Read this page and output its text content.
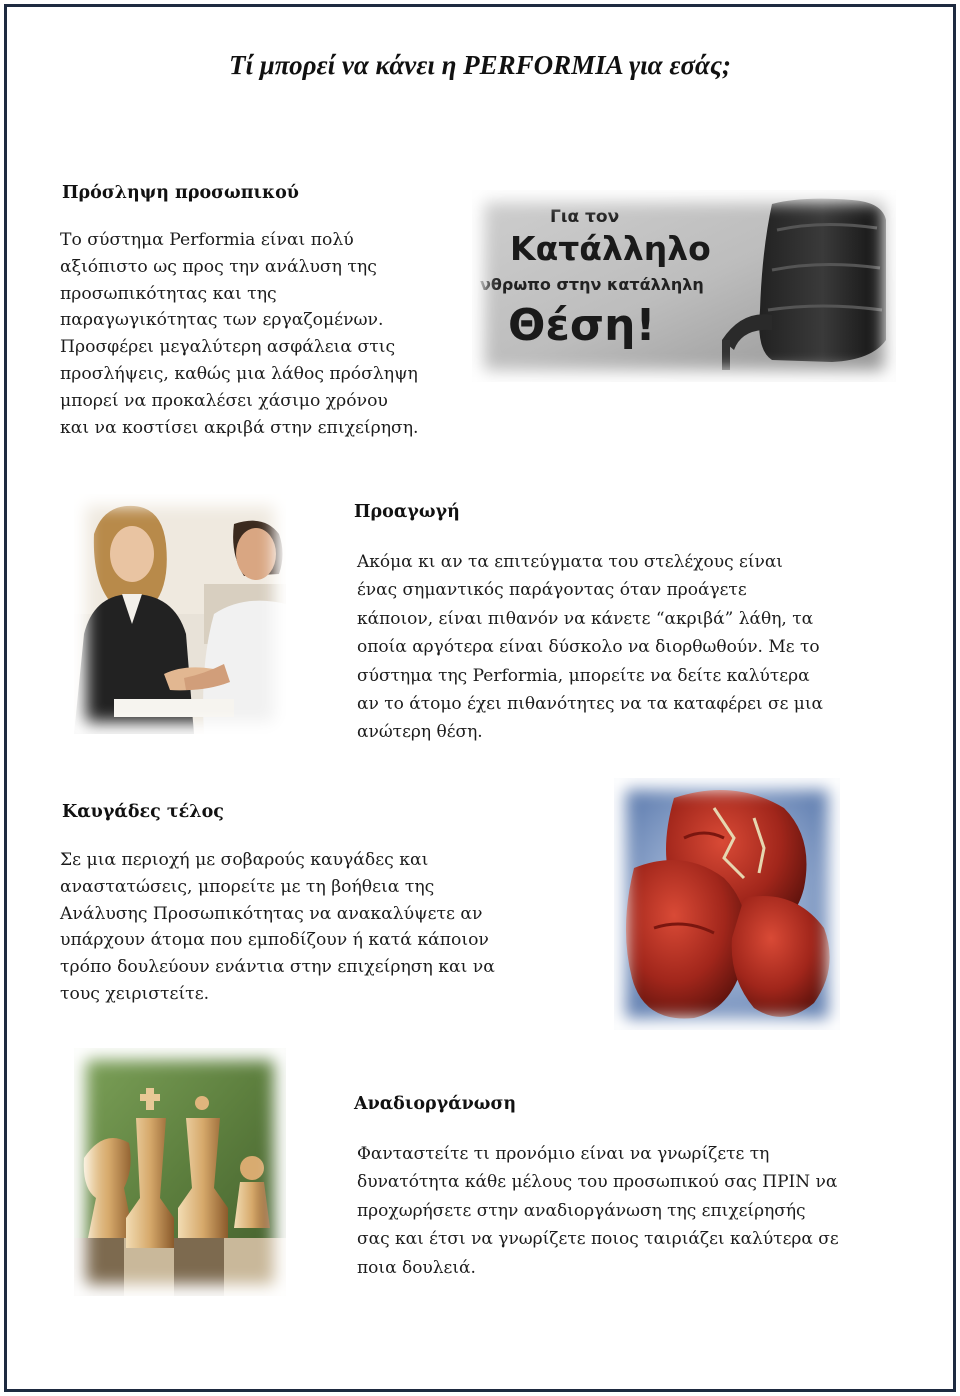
Τί μπορεί να κάνει η PERFORMIA για εσάς;
Πρόσληψη προσωπικού
Το σύστημα Performia είναι πολύ
αξιόπιστο ως προς την ανάλυση της
προσωπικότητας και της
παραγωγικότητας των εργαζομένων.
Προσφέρει μεγαλύτερη ασφάλεια στις
προσλήψεις, καθώς μια λάθος πρόσληψη
μπορεί να προκαλέσει χάσιμο χρόνου
και να κοστίσει ακριβά στην επιχείρηση.
Για τον
Κατάλληλο
νθρωπο στην κατάλληλη
Θέση!
Προαγωγή
Ακόμα κι αν τα επιτεύγματα του στελέχους είναι
ένας σημαντικός παράγοντας όταν προάγετε
κάποιον, είναι πιθανόν να κάνετε “ακριβά” λάθη, τα
οποία αργότερα είναι δύσκολο να διορθωθούν. Με το
σύστημα της Performia, μπορείτε να δείτε καλύτερα
αν το άτομο έχει πιθανότητες να τα καταφέρει σε μια
ανώτερη θέση.
Καυγάδες τέλος
Σε μια περιοχή με σοβαρούς καυγάδες και
αναστατώσεις, μπορείτε με τη βοήθεια της
Ανάλυσης Προσωπικότητας να ανακαλύψετε αν
υπάρχουν άτομα που εμποδίζουν ή κατά κάποιον
τρόπο δουλεύουν ενάντια στην επιχείρηση και να
τους χειριστείτε.
Αναδιοργάνωση
Φανταστείτε τι προνόμιο είναι να γνωρίζετε τη
δυνατότητα κάθε μέλους του προσωπικού σας ΠΡΙΝ να
προχωρήσετε στην αναδιοργάνωση της επιχείρησής
σας και έτσι να γνωρίζετε ποιος ταιριάζει καλύτερα σε
ποια δουλειά.
